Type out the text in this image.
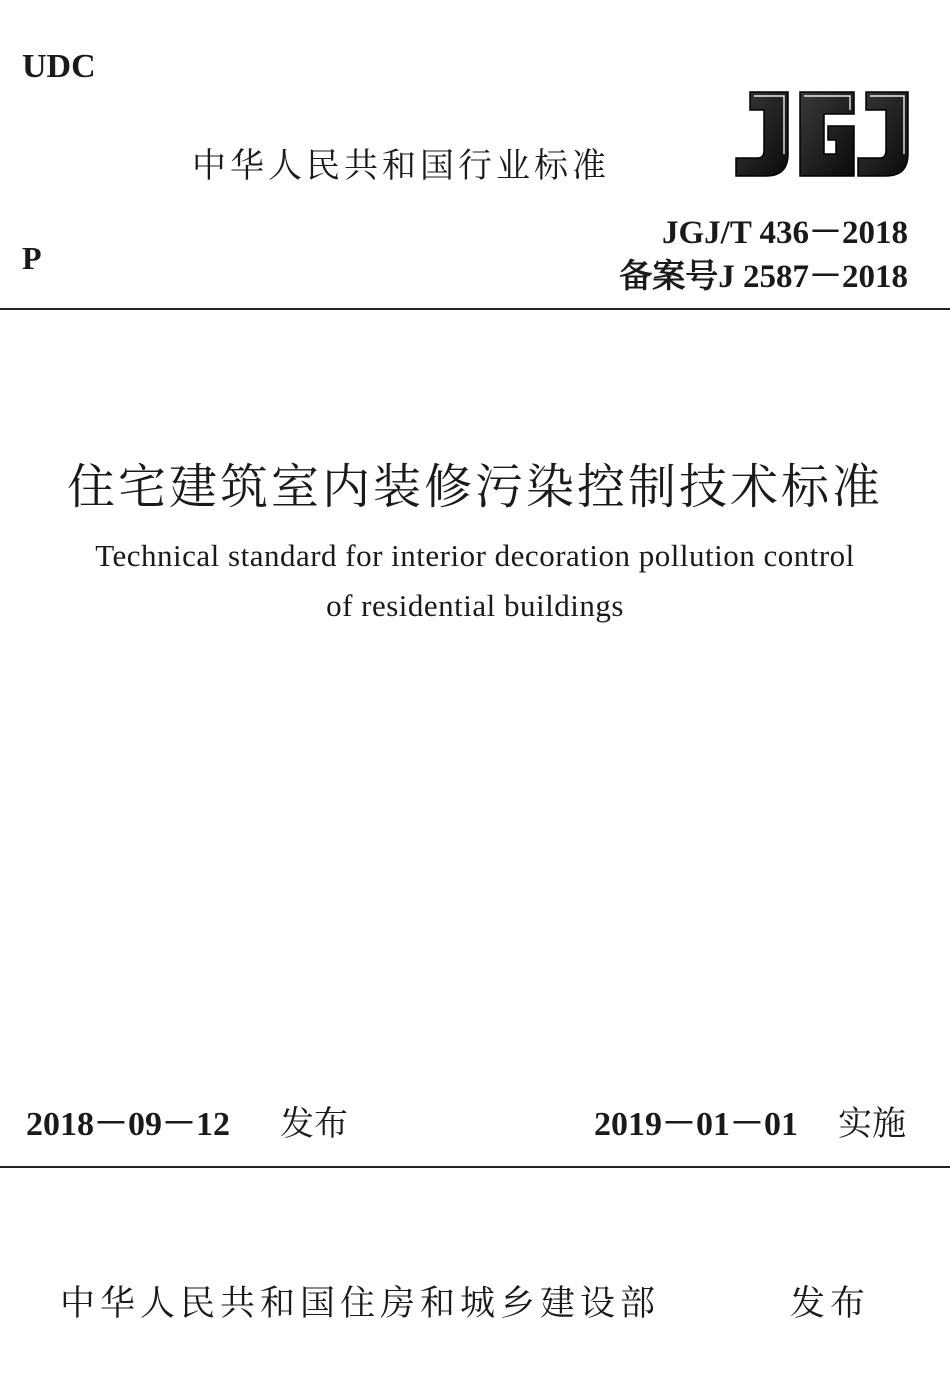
UDC
中华人民共和国行业标准
P
JGJ/T 436－2018
备案号J 2587－2018
住宅建筑室内装修污染控制技术标准
Technical standard for interior decoration pollution control
of residential buildings
2018－09－12 发布	2019－01－01 实施
中华人民共和国住房和城乡建设部	发布
